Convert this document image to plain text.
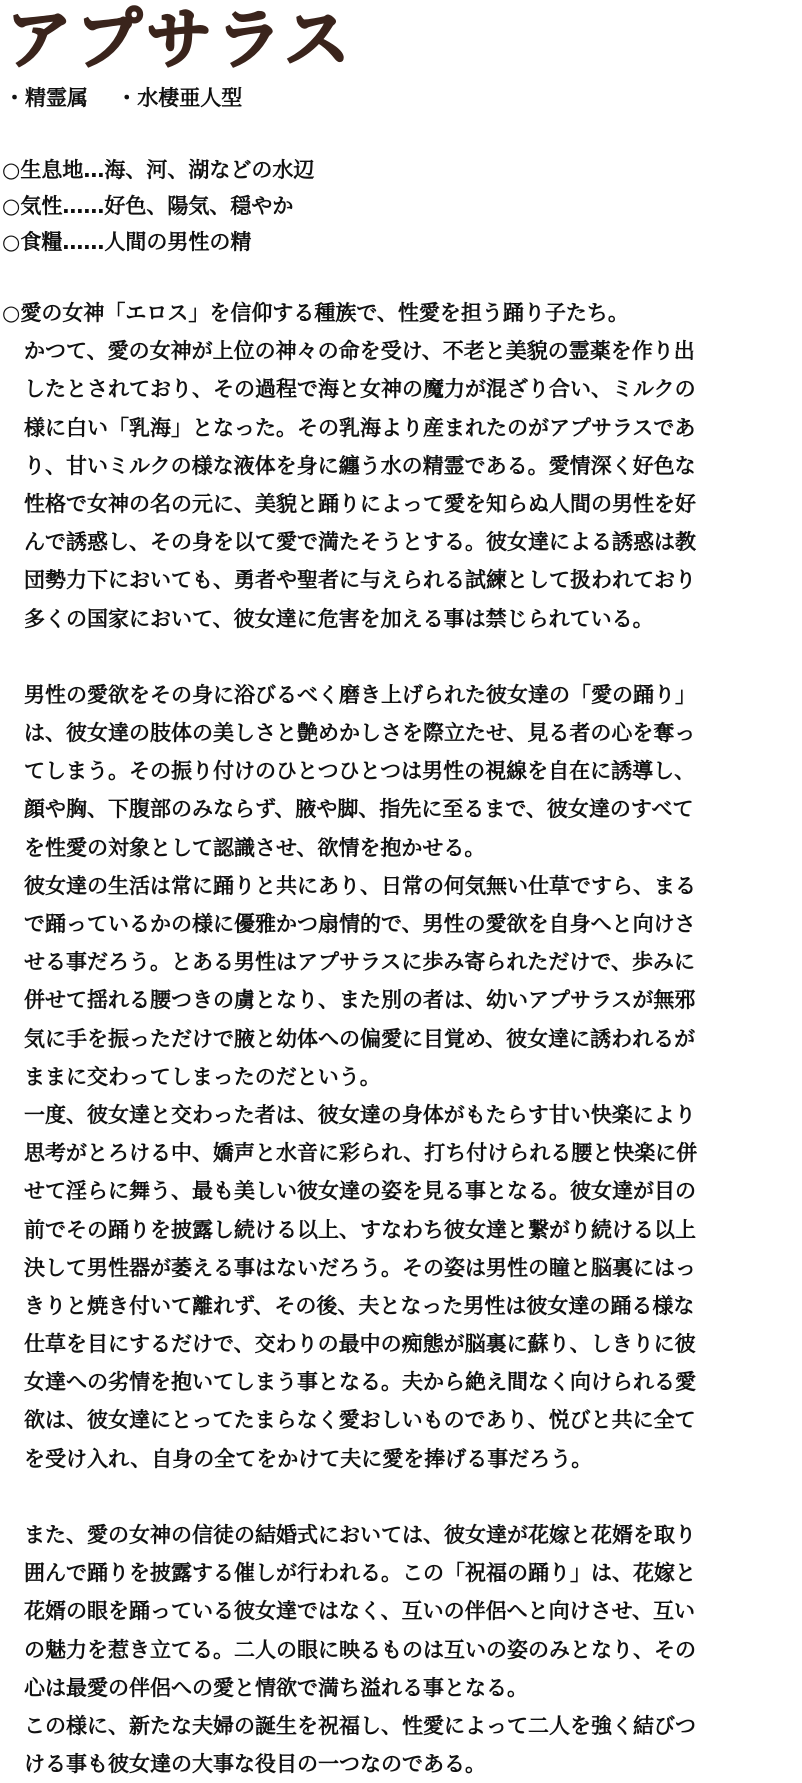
アプサラス
・精霊属　 ・水棲亜人型
○生息地…海、河、湖などの水辺
○気性……好色、陽気、穏やか
○食糧……人間の男性の精
○愛の女神「エロス」を信仰する種族で、性愛を担う踊り子たち。
かつて、愛の女神が上位の神々の命を受け、不老と美貌の霊薬を作り出
したとされており、その過程で海と女神の魔力が混ざり合い、ミルクの
様に白い「乳海」となった。その乳海より産まれたのがアプサラスであ
り、甘いミルクの様な液体を身に纏う水の精霊である。愛情深く好色な
性格で女神の名の元に、美貌と踊りによって愛を知らぬ人間の男性を好
んで誘惑し、その身を以て愛で満たそうとする。彼女達による誘惑は教
団勢力下においても、勇者や聖者に与えられる試練として扱われており
多くの国家において、彼女達に危害を加える事は禁じられている。
男性の愛欲をその身に浴びるべく磨き上げられた彼女達の「愛の踊り」
は、彼女達の肢体の美しさと艶めかしさを際立たせ、見る者の心を奪っ
てしまう。その振り付けのひとつひとつは男性の視線を自在に誘導し、
顔や胸、下腹部のみならず、腋や脚、指先に至るまで、彼女達のすべて
を性愛の対象として認識させ、欲情を抱かせる。
彼女達の生活は常に踊りと共にあり、日常の何気無い仕草ですら、まる
で踊っているかの様に優雅かつ扇情的で、男性の愛欲を自身へと向けさ
せる事だろう。とある男性はアプサラスに歩み寄られただけで、歩みに
併せて揺れる腰つきの虜となり、また別の者は、幼いアプサラスが無邪
気に手を振っただけで腋と幼体への偏愛に目覚め、彼女達に誘われるが
ままに交わってしまったのだという。
一度、彼女達と交わった者は、彼女達の身体がもたらす甘い快楽により
思考がとろける中、嬌声と水音に彩られ、打ち付けられる腰と快楽に併
せて淫らに舞う、最も美しい彼女達の姿を見る事となる。彼女達が目の
前でその踊りを披露し続ける以上、すなわち彼女達と繋がり続ける以上
決して男性器が萎える事はないだろう。その姿は男性の瞳と脳裏にはっ
きりと焼き付いて離れず、その後、夫となった男性は彼女達の踊る様な
仕草を目にするだけで、交わりの最中の痴態が脳裏に蘇り、しきりに彼
女達への劣情を抱いてしまう事となる。夫から絶え間なく向けられる愛
欲は、彼女達にとってたまらなく愛おしいものであり、悦びと共に全て
を受け入れ、自身の全てをかけて夫に愛を捧げる事だろう。
また、愛の女神の信徒の結婚式においては、彼女達が花嫁と花婿を取り
囲んで踊りを披露する催しが行われる。この「祝福の踊り」は、花嫁と
花婿の眼を踊っている彼女達ではなく、互いの伴侶へと向けさせ、互い
の魅力を惹き立てる。二人の眼に映るものは互いの姿のみとなり、その
心は最愛の伴侶への愛と情欲で満ち溢れる事となる。
この様に、新たな夫婦の誕生を祝福し、性愛によって二人を強く結びつ
ける事も彼女達の大事な役目の一つなのである。
